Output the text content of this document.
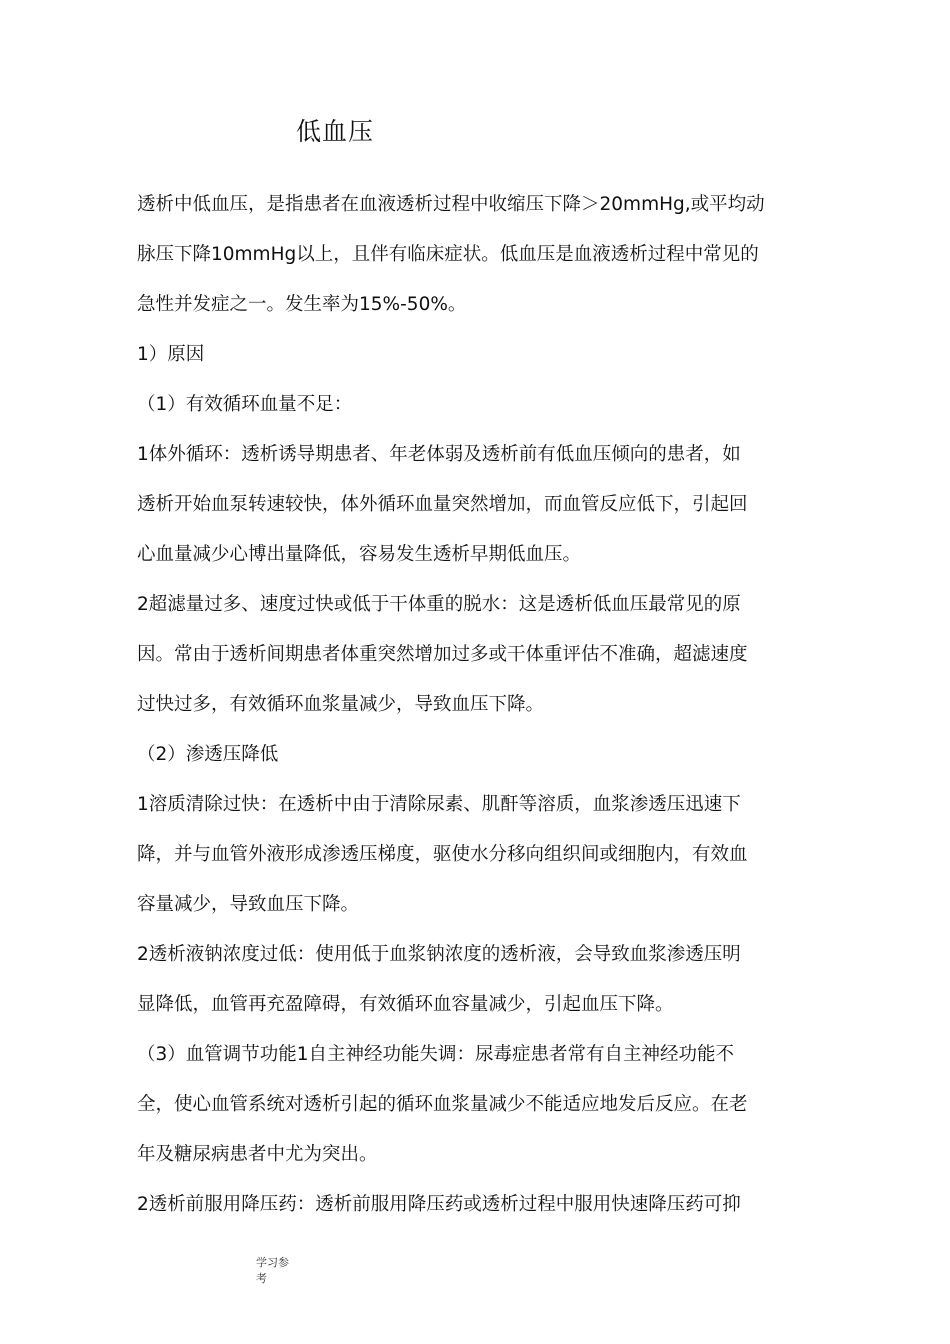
低血压
透析中低血压，是指患者在血液透析过程中收缩压下降＞20mmHg,或平均动
脉压下降10mmHg以上，且伴有临床症状。低血压是血液透析过程中常见的
急性并发症之一。发生率为15%-50%。
1）原因
（1）有效循环血量不足：
1体外循环：透析诱导期患者、年老体弱及透析前有低血压倾向的患者，如
透析开始血泵转速较快，体外循环血量突然增加，而血管反应低下，引起回
心血量减少心博出量降低，容易发生透析早期低血压。
2超滤量过多、速度过快或低于干体重的脱水：这是透析低血压最常见的原
因。常由于透析间期患者体重突然增加过多或干体重评估不准确，超滤速度
过快过多，有效循环血浆量减少，导致血压下降。
（2）渗透压降低
1溶质清除过快：在透析中由于清除尿素、肌酐等溶质，血浆渗透压迅速下
降，并与血管外液形成渗透压梯度，驱使水分移向组织间或细胞内，有效血
容量减少，导致血压下降。
2透析液钠浓度过低：使用低于血浆钠浓度的透析液，会导致血浆渗透压明
显降低，血管再充盈障碍，有效循环血容量减少，引起血压下降。
（3）血管调节功能1自主神经功能失调：尿毒症患者常有自主神经功能不
全，使心血管系统对透析引起的循环血浆量减少不能适应地发后反应。在老
年及糖尿病患者中尤为突出。
2透析前服用降压药：透析前服用降压药或透析过程中服用快速降压药可抑
学习参
考
